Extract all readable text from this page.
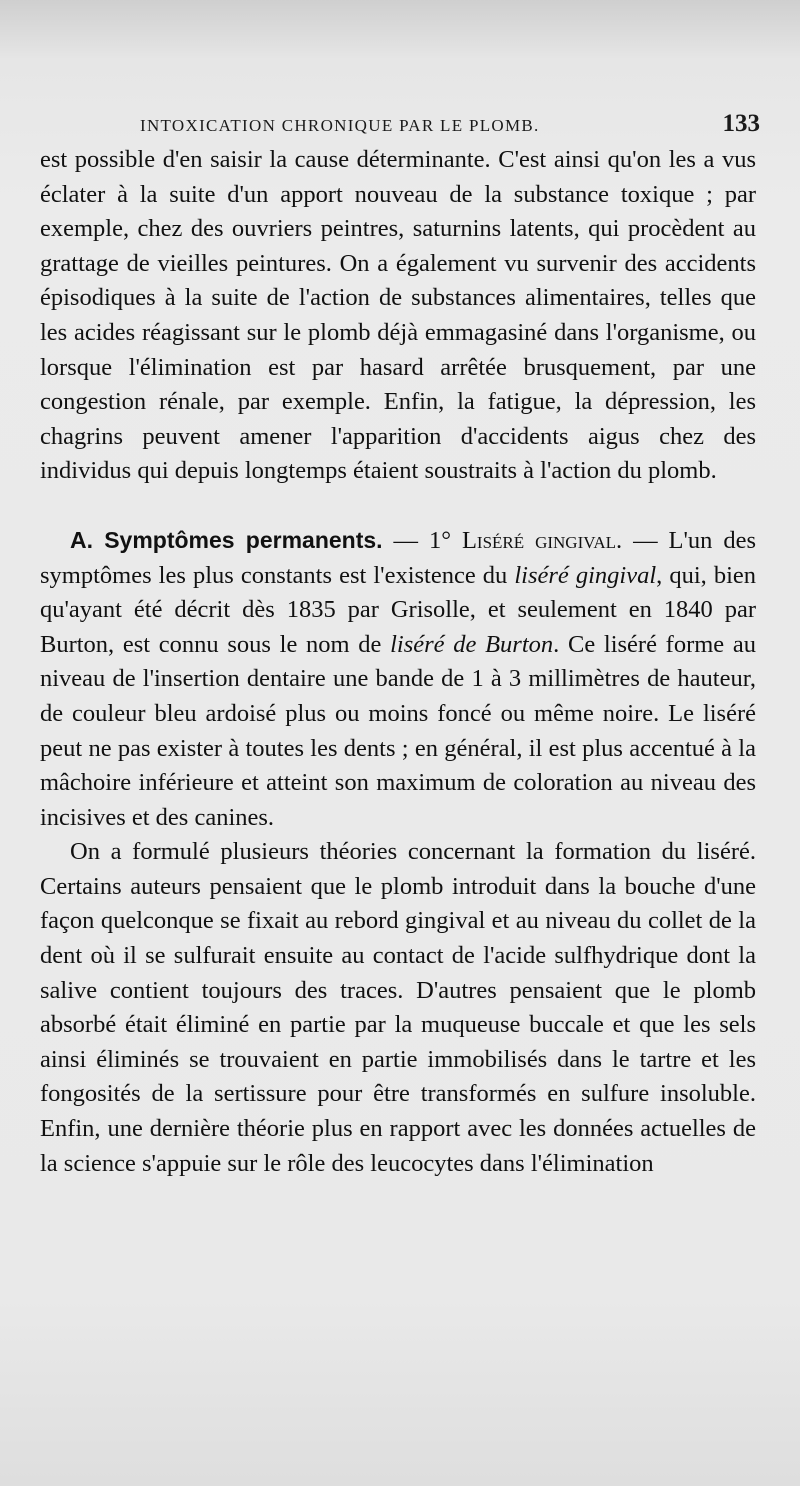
INTOXICATION CHRONIQUE PAR LE PLOMB.	133

est possible d'en saisir la cause déterminante. C'est ainsi qu'on les a vus éclater à la suite d'un apport nouveau de la substance toxique ; par exemple, chez des ouvriers peintres, saturnins latents, qui procèdent au grattage de vieilles peintures. On a également vu survenir des accidents épisodiques à la suite de l'action de substances alimentaires, telles que les acides réagissant sur le plomb déjà emmagasiné dans l'organisme, ou lorsque l'élimination est par hasard arrêtée brusquement, par une congestion rénale, par exemple. Enfin, la fatigue, la dépression, les chagrins peuvent amener l'apparition d'accidents aigus chez des individus qui depuis longtemps étaient soustraits à l'action du plomb.

A. Symptômes permanents. — 1° Liséré gingival. — L'un des symptômes les plus constants est l'existence du liséré gingival, qui, bien qu'ayant été décrit dès 1835 par Grisolle, et seulement en 1840 par Burton, est connu sous le nom de liséré de Burton. Ce liséré forme au niveau de l'insertion dentaire une bande de 1 à 3 millimètres de hauteur, de couleur bleu ardoisé plus ou moins foncé ou même noire. Le liséré peut ne pas exister à toutes les dents ; en général, il est plus accentué à la mâchoire inférieure et atteint son maximum de coloration au niveau des incisives et des canines.

On a formulé plusieurs théories concernant la formation du liséré. Certains auteurs pensaient que le plomb introduit dans la bouche d'une façon quelconque se fixait au rebord gingival et au niveau du collet de la dent où il se sulfurait ensuite au contact de l'acide sulfhydrique dont la salive contient toujours des traces. D'autres pensaient que le plomb absorbé était éliminé en partie par la muqueuse buccale et que les sels ainsi éliminés se trouvaient en partie immobilisés dans le tartre et les fongosités de la sertissure pour être transformés en sulfure insoluble. Enfin, une dernière théorie plus en rapport avec les données actuelles de la science s'appuie sur le rôle des leucocytes dans l'élimination
